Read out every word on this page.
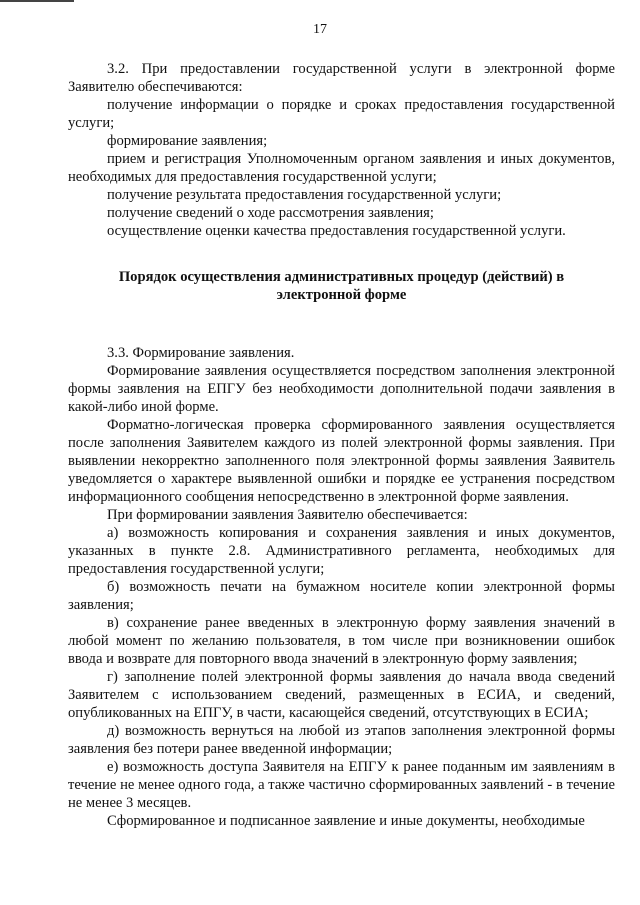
17

3.2. При предоставлении государственной услуги в электронной форме Заявителю обеспечиваются:

получение информации о порядке и сроках предоставления государственной услуги;

формирование заявления;

прием и регистрация Уполномоченным органом заявления и иных документов, необходимых для предоставления государственной услуги;

получение результата предоставления государственной услуги;

получение сведений о ходе рассмотрения заявления;

осуществление оценки качества предоставления государственной услуги.

Порядок осуществления административных процедур (действий) в

электронной форме

3.3. Формирование заявления.

Формирование заявления осуществляется посредством заполнения электронной формы заявления на ЕПГУ без необходимости дополнительной подачи заявления в какой-либо иной форме.

Форматно-логическая проверка сформированного заявления осуществляется после заполнения Заявителем каждого из полей электронной формы заявления. При выявлении некорректно заполненного поля электронной формы заявления Заявитель уведомляется о характере выявленной ошибки и порядке ее устранения посредством информационного сообщения непосредственно в электронной форме заявления.

При формировании заявления Заявителю обеспечивается:

а) возможность копирования и сохранения заявления и иных документов, указанных в пункте 2.8. Административного регламента, необходимых для предоставления государственной услуги;

б) возможность печати на бумажном носителе копии электронной формы заявления;

в) сохранение ранее введенных в электронную форму заявления значений в любой момент по желанию пользователя, в том числе при возникновении ошибок ввода и возврате для повторного ввода значений в электронную форму заявления;

г) заполнение полей электронной формы заявления до начала ввода сведений Заявителем с использованием сведений, размещенных в ЕСИА, и сведений, опубликованных на ЕПГУ, в части, касающейся сведений, отсутствующих в ЕСИА;

д) возможность вернуться на любой из этапов заполнения электронной формы заявления без потери ранее введенной информации;

е) возможность доступа Заявителя на ЕПГУ к ранее поданным им заявлениям в течение не менее одного года, а также частично сформированных заявлений - в течение не менее 3 месяцев.

Сформированное и подписанное заявление и иные документы, необходимые
